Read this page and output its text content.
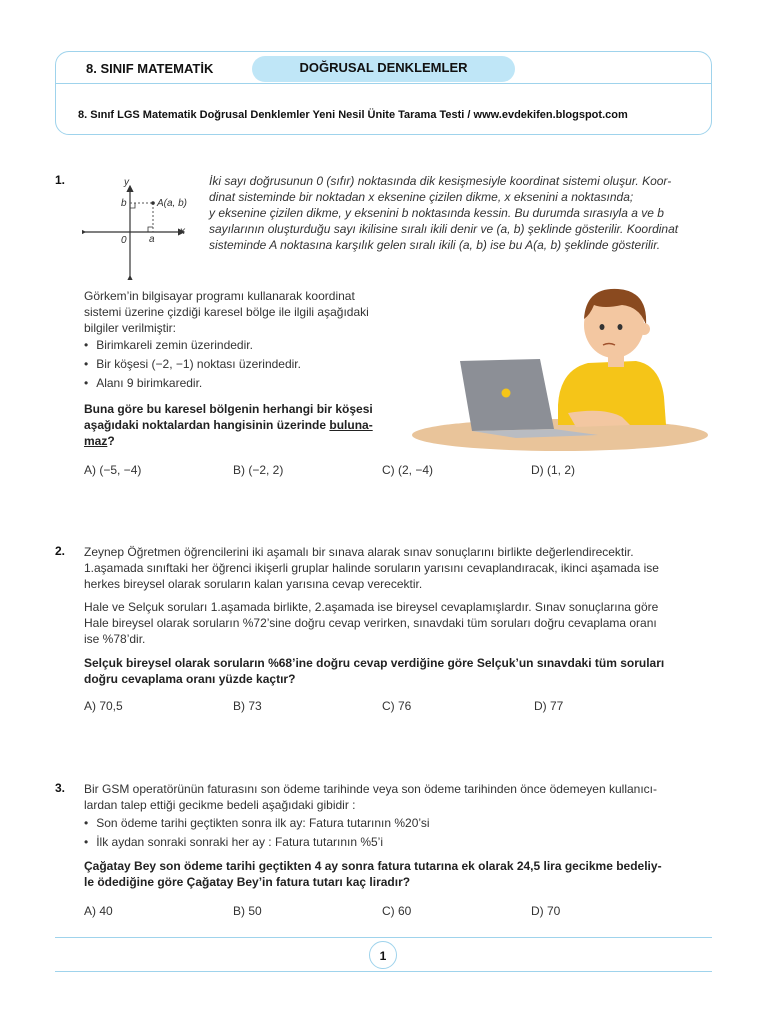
8. SINIF MATEMATİK	DOĞRUSAL DENKLEMLER
8. Sınıf LGS Matematik Doğrusal Denklemler Yeni Nesil Ünite Tarama Testi / www.evdekifen.blogspot.com
1.	y
x
b
0 a
A(a, b)
İki sayı doğrusunun 0 (sıfır) noktasında dik kesişmesiyle koordinat sistemi oluşur. Koor-
dinat sisteminde bir noktadan x eksenine çizilen dikme, x eksenini a noktasında;
y eksenine çizilen dikme, y eksenini b noktasında kessin. Bu durumda sırasıyla a ve b
sayılarının oluşturduğu sayı ikilisine sıralı ikili denir ve (a, b) şeklinde gösterilir. Koordinat
sisteminde A noktasına karşılık gelen sıralı ikili (a, b) ise bu A(a, b) şeklinde gösterilir.
Görkem’in bilgisayar programı kullanarak koordinat
sistemi üzerine çizdiği karesel bölge ile ilgili aşağıdaki
bilgiler verilmiştir:
• Birimkareli zemin üzerindedir.
• Bir köşesi (−2, −1) noktası üzerindedir.
• Alanı 9 birimkaredir.
Buna göre bu karesel bölgenin herhangi bir köşesi
aşağıdaki noktalardan hangisinin üzerinde buluna-
maz?
A) (−5, −4)	B) (−2, 2)	C) (2, −4)	D) (1, 2)
2. Zeynep Öğretmen öğrencilerini iki aşamalı bir sınava alarak sınav sonuçlarını birlikte değerlendirecektir.
1.aşamada sınıftaki her öğrenci ikişerli gruplar halinde soruların yarısını cevaplandıracak, ikinci aşamada ise
herkes bireysel olarak soruların kalan yarısına cevap verecektir.
Hale ve Selçuk soruları 1.aşamada birlikte, 2.aşamada ise bireysel cevaplamışlardır. Sınav sonuçlarına göre
Hale bireysel olarak soruların %72’sine doğru cevap verirken, sınavdaki tüm soruları doğru cevaplama oranı
ise %78’dir.
Selçuk bireysel olarak soruların %68’ine doğru cevap verdiğine göre Selçuk’un sınavdaki tüm soruları
doğru cevaplama oranı yüzde kaçtır?
A) 70,5	B) 73	C) 76	D) 77
3. Bir GSM operatörünün faturasını son ödeme tarihinde veya son ödeme tarihinden önce ödemeyen kullanıcı-
lardan talep ettiği gecikme bedeli aşağıdaki gibidir :
• Son ödeme tarihi geçtikten sonra ilk ay: Fatura tutarının %20’si
• İlk aydan sonraki sonraki her ay : Fatura tutarının %5’i
Çağatay Bey son ödeme tarihi geçtikten 4 ay sonra fatura tutarına ek olarak 24,5 lira gecikme bedeliy-
le ödediğine göre Çağatay Bey’in fatura tutarı kaç liradır?
A) 40	B) 50	C) 60	D) 70
1
